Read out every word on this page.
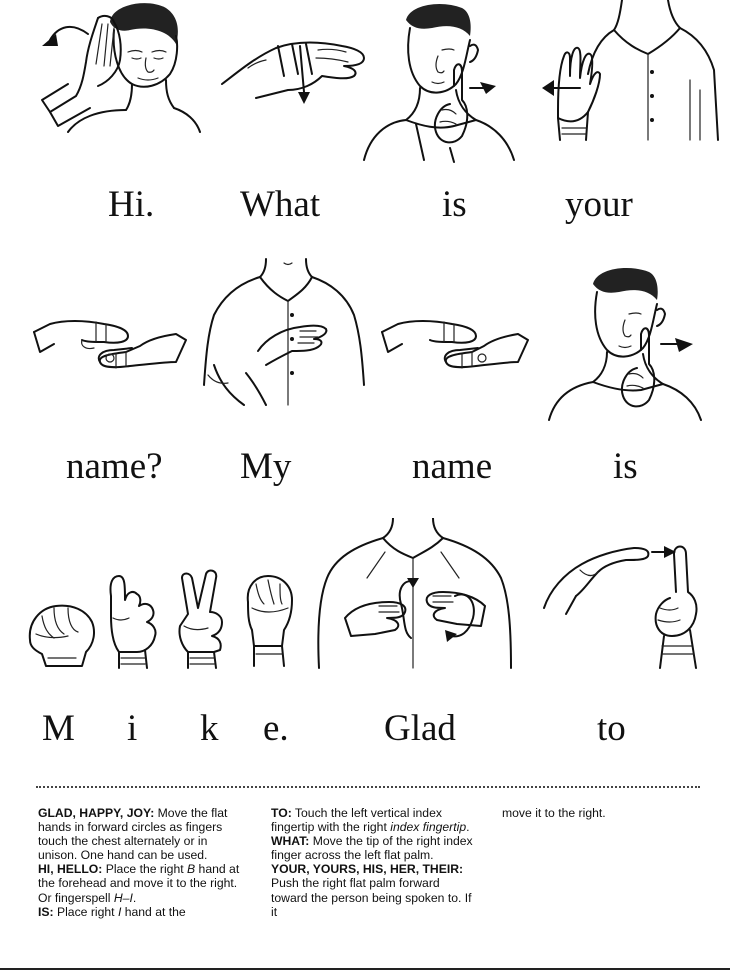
Hi. What	is	your
name? My	name	is
M i k e.	Glad	to
GLAD, HAPPY, JOY: Move the flat hands in forward circles as fingers touch the chest alternately or in unison. One hand can be used.
HI, HELLO: Place the right B hand at the forehead and move it to the right. Or fingerspell H–I.
IS: Place right I hand at the
TO: Touch the left vertical index fingertip with the right index fingertip.
WHAT: Move the tip of the right index finger across the left flat palm.
YOUR, YOURS, HIS, HER, THEIR: Push the right flat palm forward toward the person being spoken to. If it
move it to the right.
